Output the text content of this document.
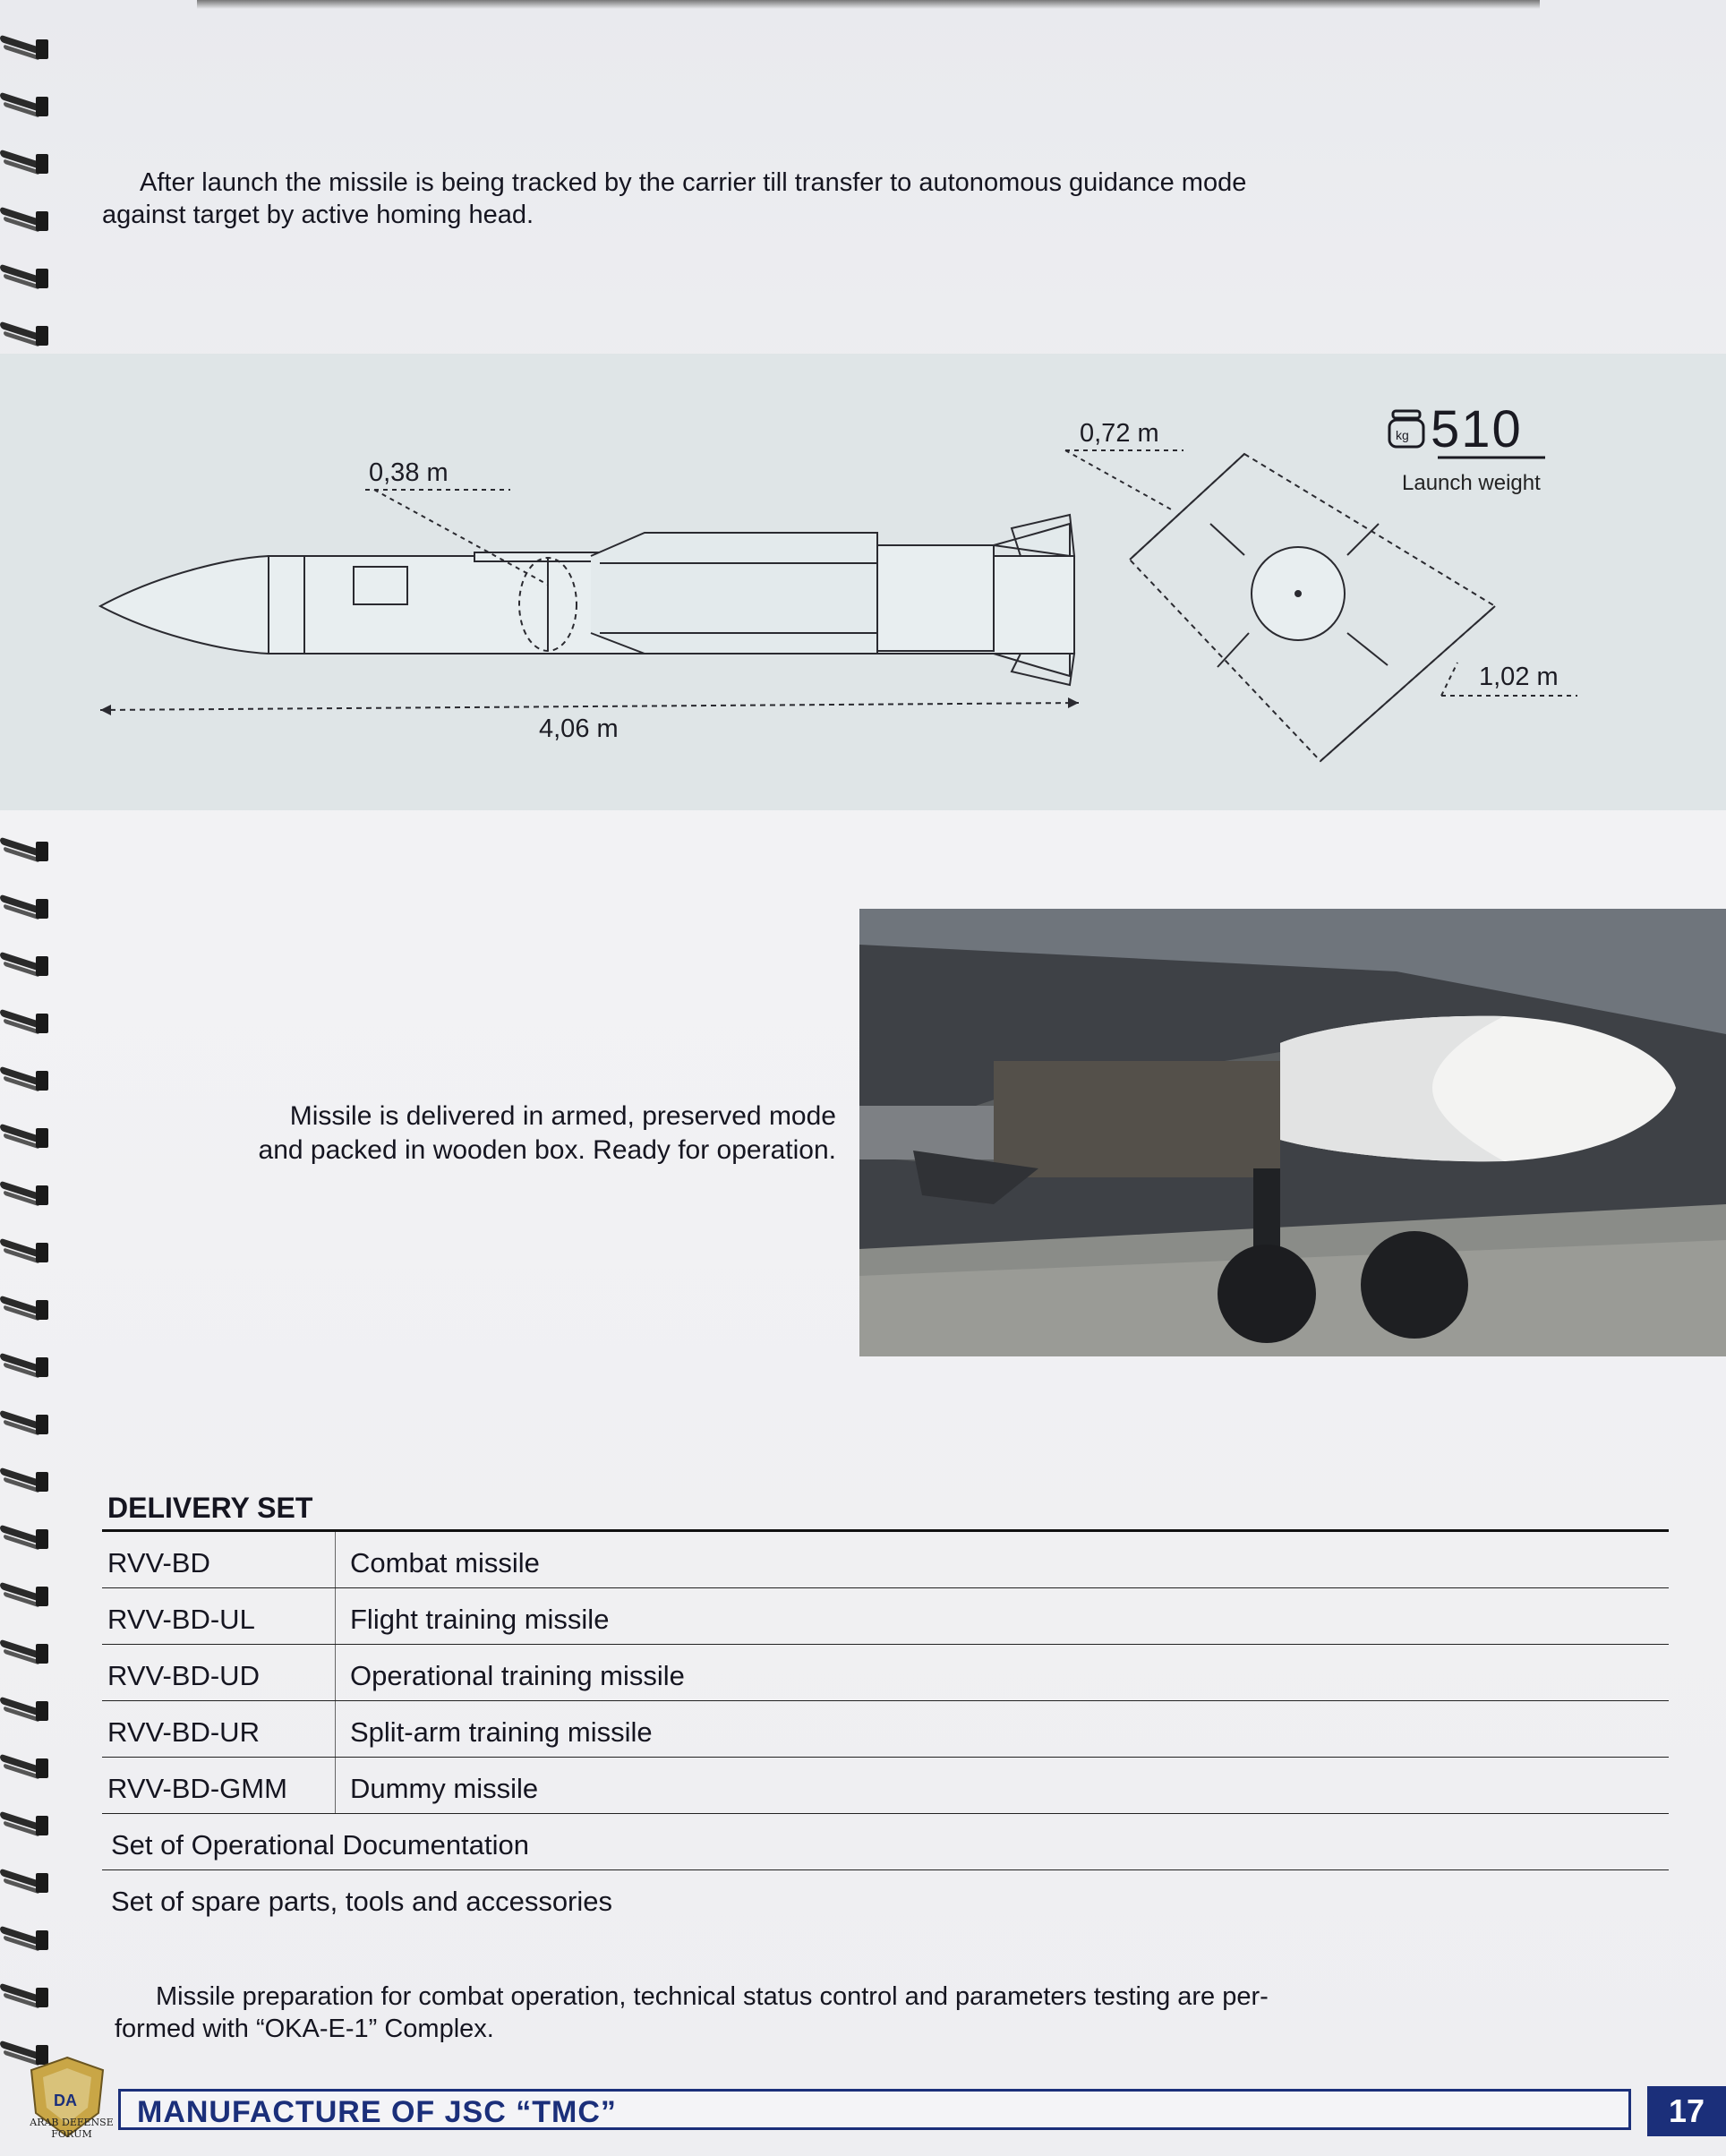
After launch the missile is being tracked by the carrier till transfer to autonomous guidance mode
against target by active homing head.
0,38 m
4,06 m
0,72 m
1,02 m
kg 510
Launch weight
Missile is delivered in armed, preserved mode
and packed in wooden box. Ready for operation.
DELIVERY SET
RVV-BD	Combat missile
RVV-BD-UL	Flight training missile
RVV-BD-UD	Operational training missile
RVV-BD-UR	Split-arm training missile
RVV-BD-GMM	Dummy missile
Set of Operational Documentation
Set of spare parts, tools and accessories
Missile preparation for combat operation, technical status control and parameters testing are per-
formed with “OKA-E-1” Complex.
DA
ARAB DEFENSE FORUM
MANUFACTURE OF JSC “TMC”	17
